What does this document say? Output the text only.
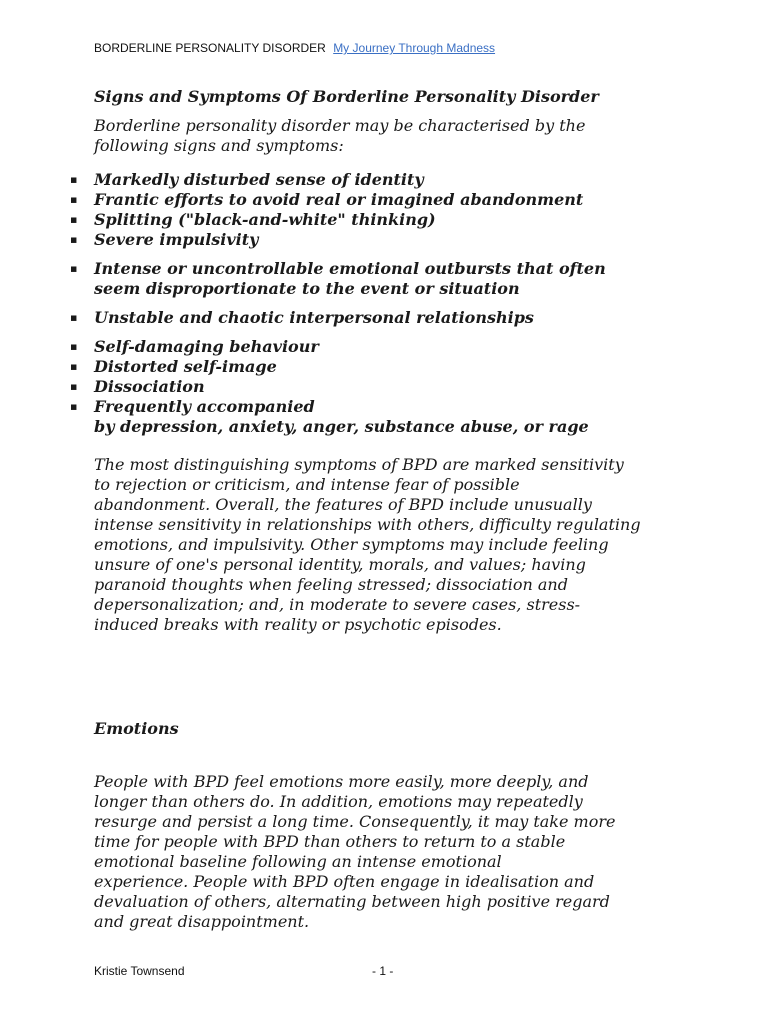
BORDERLINE PERSONALITY DISORDER My Journey Through Madness
Signs and Symptoms Of Borderline Personality Disorder
Borderline personality disorder may be characterised by the
following signs and symptoms:
▪ Markedly disturbed sense of identity
▪ Frantic efforts to avoid real or imagined abandonment
▪ Splitting ("black-and-white" thinking)
▪ Severe impulsivity
▪ Intense or uncontrollable emotional outbursts that often
seem disproportionate to the event or situation
▪ Unstable and chaotic interpersonal relationships
▪ Self-damaging behaviour
▪ Distorted self-image
▪ Dissociation
▪ Frequently accompanied
by depression, anxiety, anger, substance abuse, or rage
The most distinguishing symptoms of BPD are marked sensitivity
to rejection or criticism, and intense fear of possible
abandonment. Overall, the features of BPD include unusually
intense sensitivity in relationships with others, difficulty regulating
emotions, and impulsivity. Other symptoms may include feeling
unsure of one's personal identity, morals, and values; having
paranoid thoughts when feeling stressed; dissociation and
depersonalization; and, in moderate to severe cases, stress-
induced breaks with reality or psychotic episodes.
Emotions
People with BPD feel emotions more easily, more deeply, and
longer than others do. In addition, emotions may repeatedly
resurge and persist a long time. Consequently, it may take more
time for people with BPD than others to return to a stable
emotional baseline following an intense emotional
experience. People with BPD often engage in idealisation and
devaluation of others, alternating between high positive regard
and great disappointment.
Kristie Townsend	- 1 -
